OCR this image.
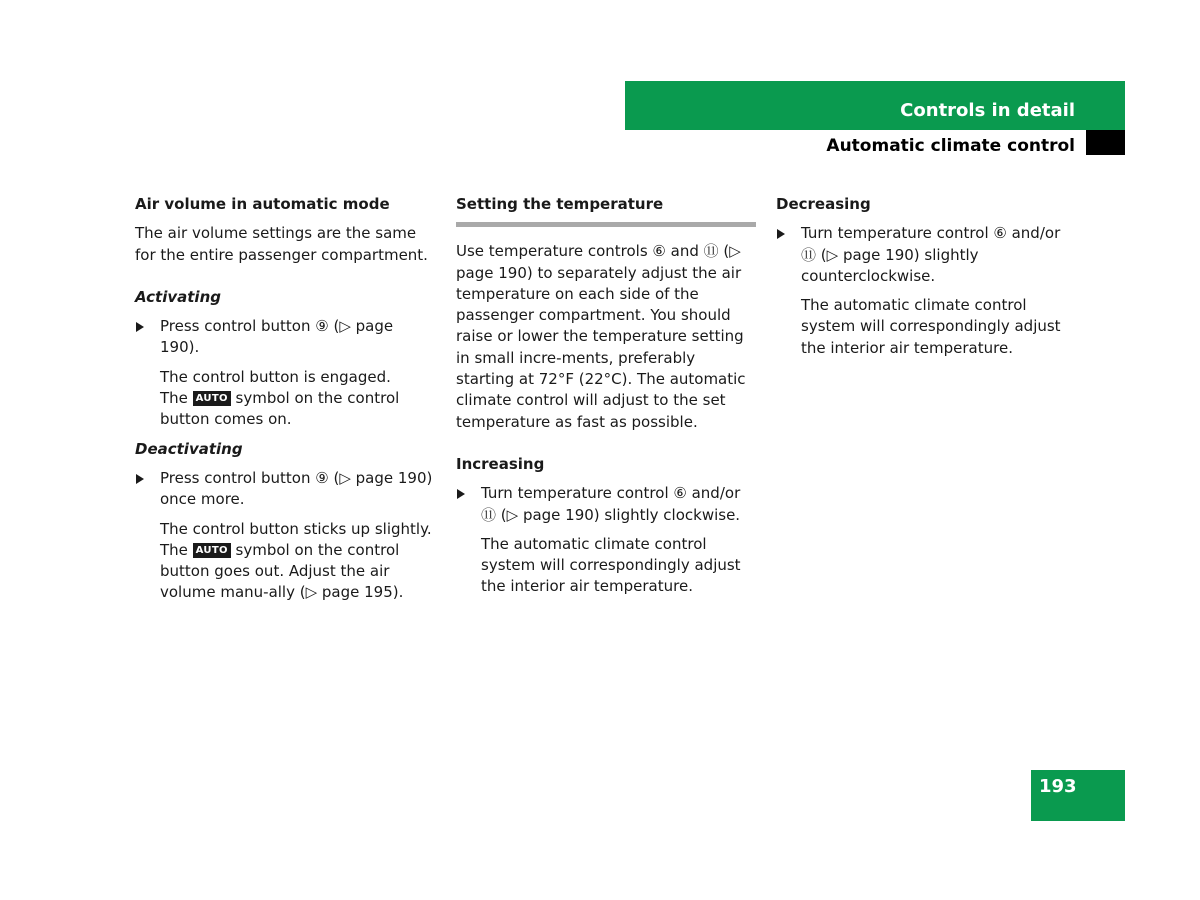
Controls in detail
Automatic climate control
Air volume in automatic mode

The air volume settings are the same for the entire passenger compartment.

Activating
Press control button ⑨ (▷ page 190).
The control button is engaged.
The AUTO symbol on the control button comes on.
Deactivating
Press control button ⑨ (▷ page 190) once more.
The control button sticks up slightly.
The AUTO symbol on the control button goes out. Adjust the air volume manu-ally (▷ page 195).
Setting the temperature

Use temperature controls ⑥ and ⑪ (▷ page 190) to separately adjust the air temperature on each side of the passenger compartment. You should raise or lower the temperature setting in small incre-ments, preferably starting at 72°F (22°C). The automatic climate control will adjust to the set temperature as fast as possible.

Increasing
Turn temperature control ⑥ and/or ⑪ (▷ page 190) slightly clockwise.

The automatic climate control system will correspondingly adjust the interior air temperature.

Decreasing
Turn temperature control ⑥ and/or ⑪ (▷ page 190) slightly counterclockwise.

The automatic climate control system will correspondingly adjust the interior air temperature.

193
